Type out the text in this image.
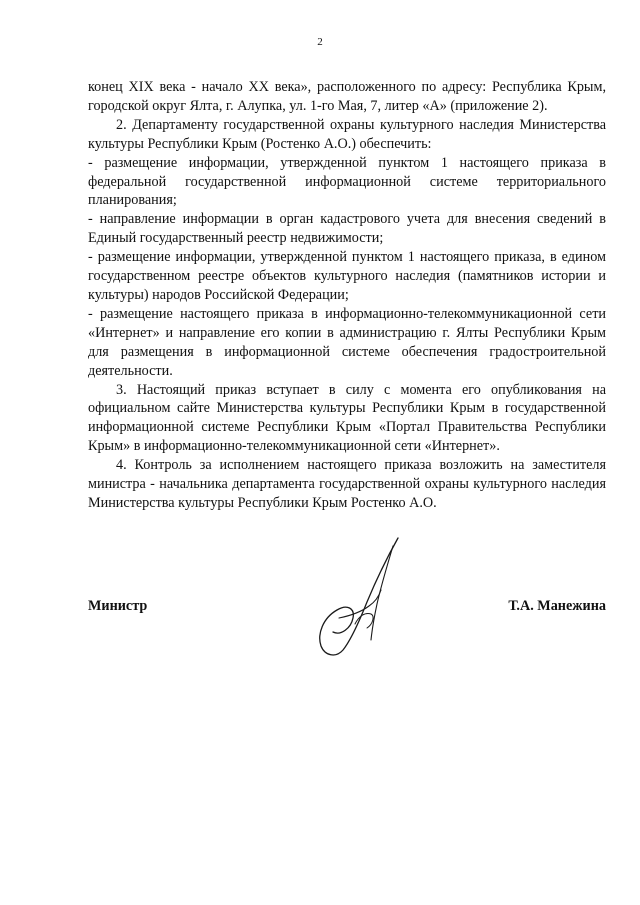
2

конец XIX века - начало XX века», расположенного по адресу: Республика Крым, городской округ Ялта, г. Алупка, ул. 1-го Мая, 7, литер «А» (приложение 2).

2. Департаменту государственной охраны культурного наследия Министерства культуры Республики Крым (Ростенко А.О.) обеспечить:

- размещение информации, утвержденной пунктом 1 настоящего приказа в федеральной государственной информационной системе территориального планирования;

- направление информации в орган кадастрового учета для внесения сведений в Единый государственный реестр недвижимости;

- размещение информации, утвержденной пунктом 1 настоящего приказа, в едином государственном реестре объектов культурного наследия (памятников истории и культуры) народов Российской Федерации;

- размещение настоящего приказа в информационно-телекоммуникационной сети «Интернет» и направление его копии в администрацию г. Ялты Республики Крым для размещения в информационной системе обеспечения градостроительной деятельности.

3. Настоящий приказ вступает в силу с момента его опубликования на официальном сайте Министерства культуры Республики Крым в государственной информационной системе Республики Крым «Портал Правительства Республики Крым» в информационно-телекоммуникационной сети «Интернет».

4. Контроль за исполнением настоящего приказа возложить на заместителя министра - начальника департамента государственной охраны культурного наследия Министерства культуры Республики Крым Ростенко А.О.

Министр	Т.А. Манежина
